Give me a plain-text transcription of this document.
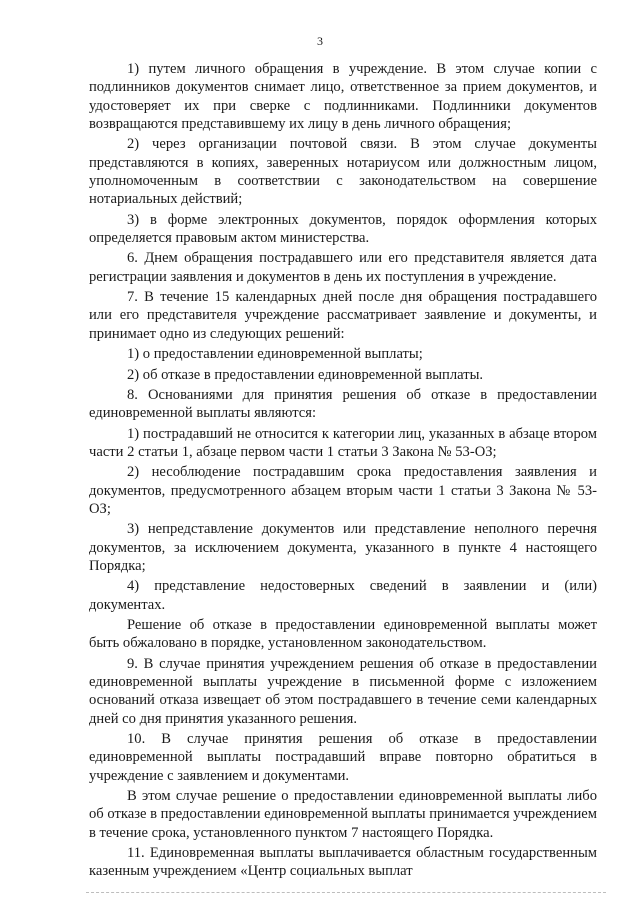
3

1) путем личного обращения в учреждение. В этом случае копии с подлинников документов снимает лицо, ответственное за прием документов, и удостоверяет их при сверке с подлинниками. Подлинники документов возвращаются представившему их лицу в день личного обращения;

2) через организации почтовой связи. В этом случае документы представляются в копиях, заверенных нотариусом или должностным лицом, уполномоченным в соответствии с законодательством на совершение нотариальных действий;

3) в форме электронных документов, порядок оформления которых определяется правовым актом министерства.

6. Днем обращения пострадавшего или его представителя является дата регистрации заявления и документов в день их поступления в учреждение.

7. В течение 15 календарных дней после дня обращения пострадавшего или его представителя учреждение рассматривает заявление и документы, и принимает одно из следующих решений:

1) о предоставлении единовременной выплаты;

2) об отказе в предоставлении единовременной выплаты.

8. Основаниями для принятия решения об отказе в предоставлении единовременной выплаты являются:

1) пострадавший не относится к категории лиц, указанных в абзаце втором части 2 статьи 1, абзаце первом части 1 статьи 3 Закона № 53-ОЗ;

2) несоблюдение пострадавшим срока предоставления заявления и документов, предусмотренного абзацем вторым части 1 статьи 3 Закона № 53-ОЗ;

3) непредставление документов или представление неполного перечня документов, за исключением документа, указанного в пункте 4 настоящего Порядка;

4) представление недостоверных сведений в заявлении и (или) документах.

Решение об отказе в предоставлении единовременной выплаты может быть обжаловано в порядке, установленном законодательством.

9. В случае принятия учреждением решения об отказе в предоставлении единовременной выплаты учреждение в письменной форме с изложением оснований отказа извещает об этом пострадавшего в течение семи календарных дней со дня принятия указанного решения.

10. В случае принятия решения об отказе в предоставлении единовременной выплаты пострадавший вправе повторно обратиться в учреждение с заявлением и документами.

В этом случае решение о предоставлении единовременной выплаты либо об отказе в предоставлении единовременной выплаты принимается учреждением в течение срока, установленного пунктом 7 настоящего Порядка.

11. Единовременная выплаты выплачивается областным государственным казенным учреждением «Центр социальных выплат
